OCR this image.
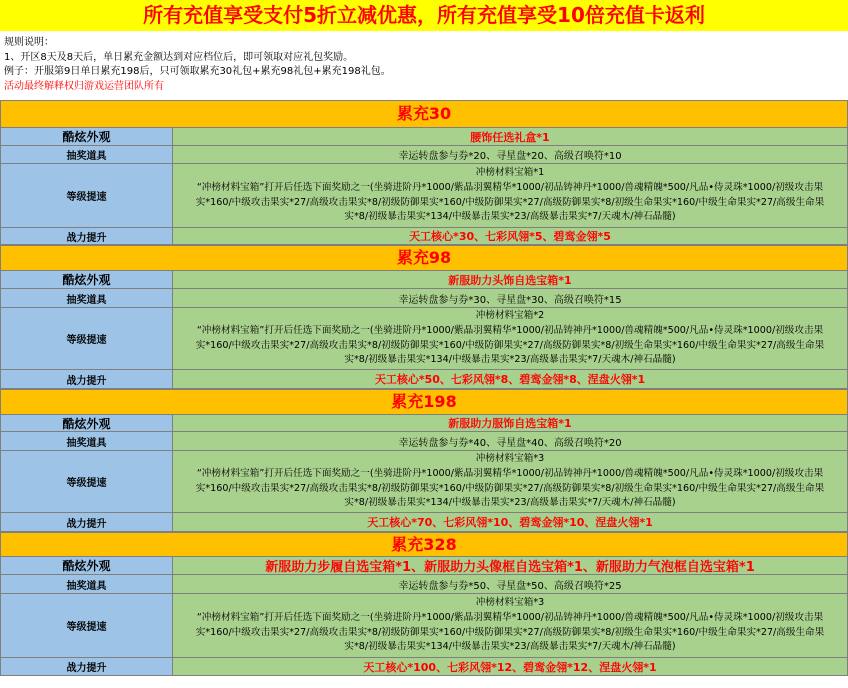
所有充值享受支付5折立减优惠，所有充值享受10倍充值卡返利
规则说明：
1、开区8天及8天后，单日累充金额达到对应档位后，即可领取对应礼包奖励。
例子：开服第9日单日累充198后，只可领取累充30礼包+累充98礼包+累充198礼包。
活动最终解释权归游戏运营团队所有
累充30
酷炫外观	腰饰任选礼盒*1
抽奖道具	幸运转盘参与券*20、寻星盘*20、高级召唤符*10
等级提速
冲榜材料宝箱*1
“冲榜材料宝箱”打开后任选下面奖励之一(坐骑进阶丹*1000/紫晶羽翼精华*1000/初品铸神丹*1000/兽魂精魄*500/凡品•侍灵珠*1000/初级攻击果
实*160/中级攻击果实*27/高级攻击果实*8/初级防御果实*160/中级防御果实*27/高级防御果实*8/初级生命果实*160/中级生命果实*27/高级生命果
实*8/初级暴击果实*134/中级暴击果实*23/高级暴击果实*7/天魂木/神石晶髓)
战力提升	天工核心*30、七彩风翎*5、碧鸾金翎*5
累充98
酷炫外观	新服助力头饰自选宝箱*1
抽奖道具	幸运转盘参与券*30、寻星盘*30、高级召唤符*15
等级提速
冲榜材料宝箱*2
“冲榜材料宝箱”打开后任选下面奖励之一(坐骑进阶丹*1000/紫晶羽翼精华*1000/初品铸神丹*1000/兽魂精魄*500/凡品•侍灵珠*1000/初级攻击果
实*160/中级攻击果实*27/高级攻击果实*8/初级防御果实*160/中级防御果实*27/高级防御果实*8/初级生命果实*160/中级生命果实*27/高级生命果
实*8/初级暴击果实*134/中级暴击果实*23/高级暴击果实*7/天魂木/神石晶髓)
战力提升	天工核心*50、七彩风翎*8、碧鸾金翎*8、涅盘火翎*1
累充198
酷炫外观	新服助力服饰自选宝箱*1
抽奖道具	幸运转盘参与券*40、寻星盘*40、高级召唤符*20
等级提速
冲榜材料宝箱*3
“冲榜材料宝箱”打开后任选下面奖励之一(坐骑进阶丹*1000/紫晶羽翼精华*1000/初品铸神丹*1000/兽魂精魄*500/凡品•侍灵珠*1000/初级攻击果
实*160/中级攻击果实*27/高级攻击果实*8/初级防御果实*160/中级防御果实*27/高级防御果实*8/初级生命果实*160/中级生命果实*27/高级生命果
实*8/初级暴击果实*134/中级暴击果实*23/高级暴击果实*7/天魂木/神石晶髓)
战力提升	天工核心*70、七彩风翎*10、碧鸾金翎*10、涅盘火翎*1
累充328
酷炫外观	新服助力步履自选宝箱*1、新服助力头像框自选宝箱*1、新服助力气泡框自选宝箱*1
抽奖道具	幸运转盘参与券*50、寻星盘*50、高级召唤符*25
等级提速
冲榜材料宝箱*3
“冲榜材料宝箱”打开后任选下面奖励之一(坐骑进阶丹*1000/紫晶羽翼精华*1000/初品铸神丹*1000/兽魂精魄*500/凡品•侍灵珠*1000/初级攻击果
实*160/中级攻击果实*27/高级攻击果实*8/初级防御果实*160/中级防御果实*27/高级防御果实*8/初级生命果实*160/中级生命果实*27/高级生命果
实*8/初级暴击果实*134/中级暴击果实*23/高级暴击果实*7/天魂木/神石晶髓)
战力提升	天工核心*100、七彩风翎*12、碧鸾金翎*12、涅盘火翎*1
